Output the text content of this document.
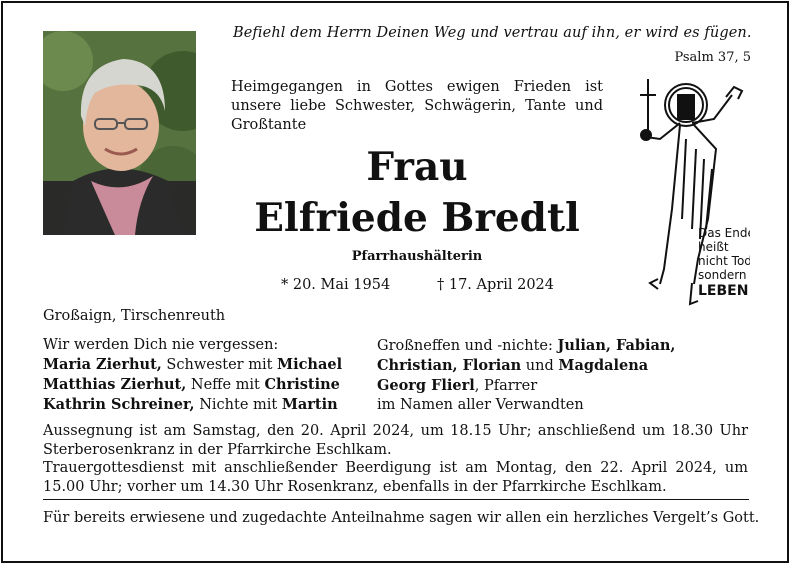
Befiehl dem Herrn Deinen Weg und vertrau auf ihn, er wird es fügen.
Psalm 37, 5
Heimgegangen in Gottes ewigen Frieden ist unsere liebe Schwester, Schwägerin, Tante und Großtante
Frau
Elfriede Bredtl
Pfarrhaushälterin
* 20. Mai 1954	† 17. April 2024
Das Ende
heißt
nicht Tod
sondern
LEBEN
Großaign, Tirschenreuth
Wir werden Dich nie vergessen:
Maria Zierhut, Schwester mit Michael
Matthias Zierhut, Neffe mit Christine
Kathrin Schreiner, Nichte mit Martin
Großneffen und -nichte: Julian, Fabian,
Christian, Florian und Magdalena
Georg Flierl, Pfarrer
im Namen aller Verwandten
Aussegnung ist am Samstag, den 20. April 2024, um 18.15 Uhr; anschließend um 18.30 Uhr Sterberosenkranz in der Pfarrkirche Eschlkam.
Trauergottesdienst mit anschließender Beerdigung ist am Montag, den 22. April 2024, um 15.00 Uhr; vorher um 14.30 Uhr Rosenkranz, ebenfalls in der Pfarrkirche Eschlkam.
Für bereits erwiesene und zugedachte Anteilnahme sagen wir allen ein herzliches Vergelt’s Gott.
